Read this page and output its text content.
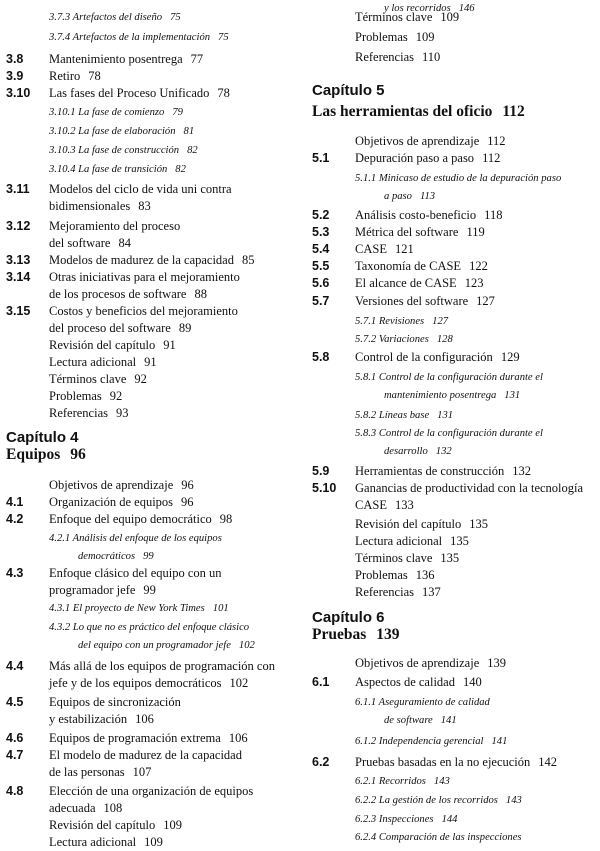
3.7.3 Artefactos del diseño 75
3.7.4 Artefactos de la implementación 75
3.8 Mantenimiento posentrega 77
3.9 Retiro 78
3.10 Las fases del Proceso Unificado 78
3.10.1 La fase de comienzo 79
3.10.2 La fase de elaboración 81
3.10.3 La fase de construcción 82
3.10.4 La fase de transición 82
3.11 Modelos del ciclo de vida uni contra
bidimensionales 83
3.12 Mejoramiento del proceso
del software 84
3.13 Modelos de madurez de la capacidad 85
3.14 Otras iniciativas para el mejoramiento
de los procesos de software 88
3.15 Costos y beneficios del mejoramiento
del proceso del software 89
Revisión del capítulo 91
Lectura adicional 91
Términos clave 92
Problemas 92
Referencias 93
Capítulo 4
Equipos 96
Objetivos de aprendizaje 96
4.1 Organización de equipos 96
4.2 Enfoque del equipo democrático 98
4.2.1 Análisis del enfoque de los equipos
democráticos 99
4.3 Enfoque clásico del equipo con un
programador jefe 99
4.3.1 El proyecto de New York Times 101
4.3.2 Lo que no es práctico del enfoque clásico
del equipo con un programador jefe 102
4.4 Más allá de los equipos de programación con
jefe y de los equipos democráticos 102
4.5 Equipos de sincronización
y estabilización 106
4.6 Equipos de programación extrema 106
4.7 El modelo de madurez de la capacidad
de las personas 107
4.8 Elección de una organización de equipos
adecuada 108
Revisión del capítulo 109
Lectura adicional 109
Términos clave 109
Problemas 109
Referencias 110
Capítulo 5
Las herramientas del oficio 112
Objetivos de aprendizaje 112
5.1 Depuración paso a paso 112
5.1.1 Minicaso de estudio de la depuración paso
a paso 113
5.2 Análisis costo-beneficio 118
5.3 Métrica del software 119
5.4 CASE 121
5.5 Taxonomía de CASE 122
5.6 El alcance de CASE 123
5.7 Versiones del software 127
5.7.1 Revisiones 127
5.7.2 Variaciones 128
5.8 Control de la configuración 129
5.8.1 Control de la configuración durante el
mantenimiento posentrega 131
5.8.2 Líneas base 131
5.8.3 Control de la configuración durante el
desarrollo 132
5.9 Herramientas de construcción 132
5.10 Ganancias de productividad con la tecnología
CASE 133
Revisión del capítulo 135
Lectura adicional 135
Términos clave 135
Problemas 136
Referencias 137
Capítulo 6
Pruebas 139
Objetivos de aprendizaje 139
6.1 Aspectos de calidad 140
6.1.1 Aseguramiento de calidad
de software 141
6.1.2 Independencia gerencial 141
6.2 Pruebas basadas en la no ejecución 142
6.2.1 Recorridos 143
6.2.2 La gestión de los recorridos 143
6.2.3 Inspecciones 144
6.2.4 Comparación de las inspecciones
y los recorridos 146
